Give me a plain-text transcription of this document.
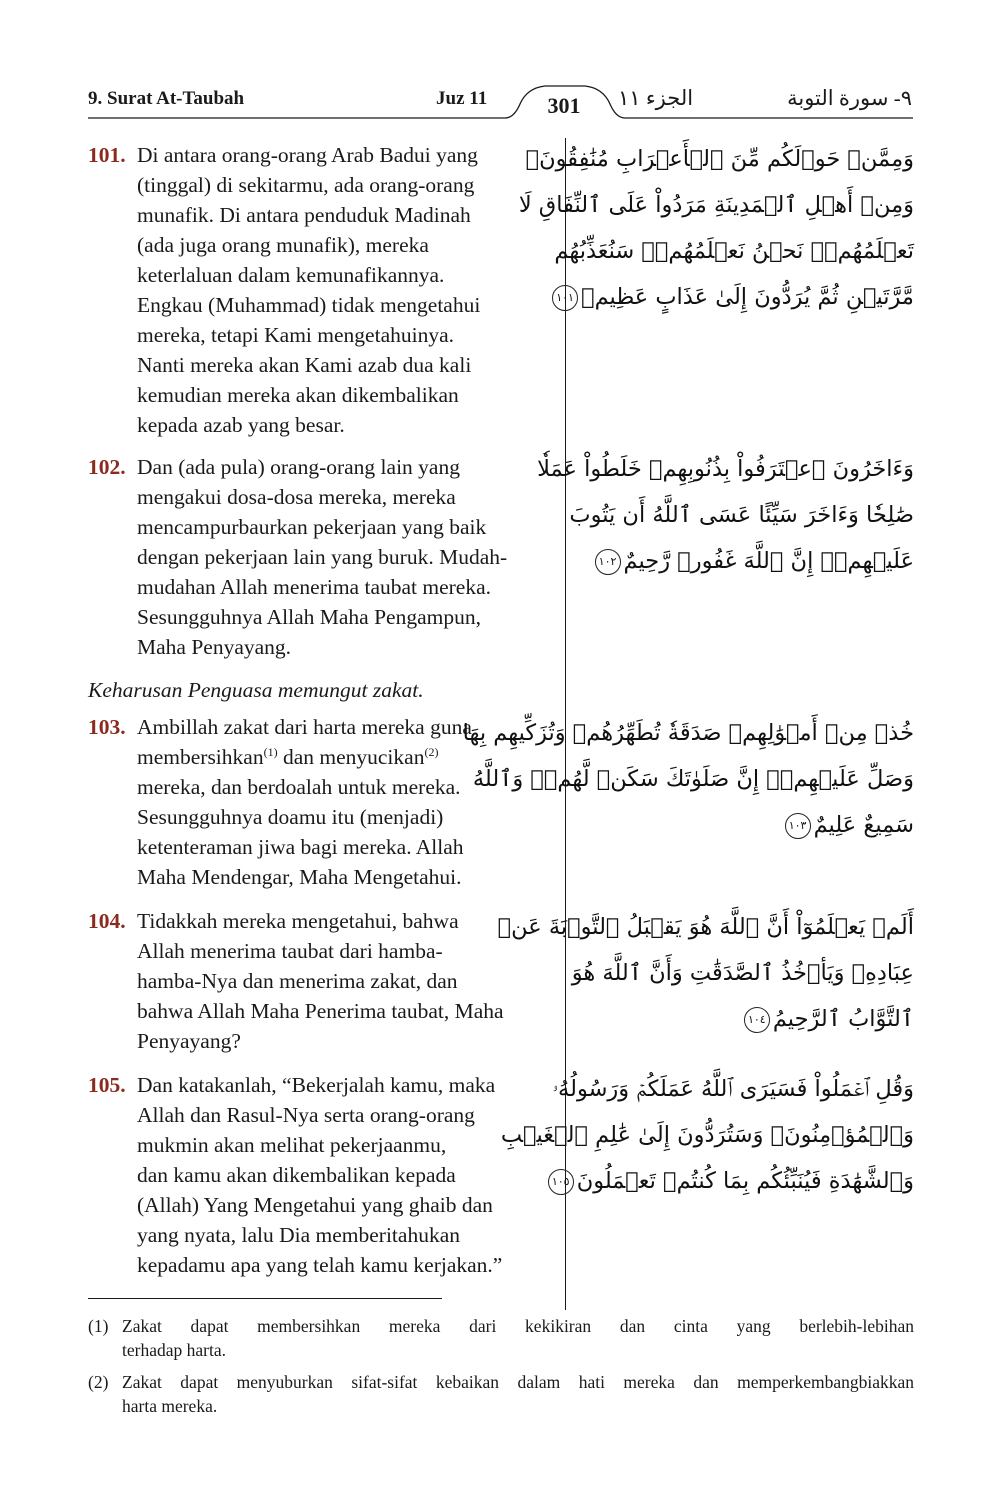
9. Surat At-Taubah	Juz 11	301	الجزء ١١	٩- سورة التوبة
101. Di antara orang-orang Arab Badui yang
(tinggal) di sekitarmu, ada orang-orang
munafik. Di antara penduduk Madinah
(ada juga orang munafik), mereka
keterlaluan dalam kemunafikannya.
Engkau (Muhammad) tidak mengetahui
mereka, tetapi Kami mengetahuinya.
Nanti mereka akan Kami azab dua kali
kemudian mereka akan dikembalikan
kepada azab yang besar.
وَمِمَّنۡ حَوۡلَكُم مِّنَ ٱلۡأَعۡرَابِ مُنَٰفِقُونَۖ
وَمِنۡ أَهۡلِ ٱلۡمَدِينَةِ مَرَدُواْ عَلَى ٱلنِّفَاقِ لَا
تَعۡلَمُهُمۡۖ نَحۡنُ نَعۡلَمُهُمۡۚ سَنُعَذِّبُهُم
مَّرَّتَيۡنِ ثُمَّ يُرَدُّونَ إِلَىٰ عَذَابٍ عَظِيمٖ١٠١
102. Dan (ada pula) orang-orang lain yang
mengakui dosa-dosa mereka, mereka
mencampurbaurkan pekerjaan yang baik
dengan pekerjaan lain yang buruk. Mudah-
mudahan Allah menerima taubat mereka.
Sesungguhnya Allah Maha Pengampun,
Maha Penyayang.
وَءَاخَرُونَ ٱعۡتَرَفُواْ بِذُنُوبِهِمۡ خَلَطُواْ عَمَلٗا
صَٰلِحٗا وَءَاخَرَ سَيِّئًا عَسَى ٱللَّهُ أَن يَتُوبَ
عَلَيۡهِمۡۚ إِنَّ ٱللَّهَ غَفُورٞ رَّحِيمٌ١٠٢
Keharusan Penguasa memungut zakat.
103. Ambillah zakat dari harta mereka guna
membersihkan$^{(1)}$ dan menyucikan$^{(2)}$
mereka, dan berdoalah untuk mereka.
Sesungguhnya doamu itu (menjadi)
ketenteraman jiwa bagi mereka. Allah
Maha Mendengar, Maha Mengetahui.
خُذۡ مِنۡ أَمۡوَٰلِهِمۡ صَدَقَةٗ تُطَهِّرُهُمۡ وَتُزَكِّيهِم بِهَا
وَصَلِّ عَلَيۡهِمۡۖ إِنَّ صَلَوٰتَكَ سَكَنٞ لَّهُمۡۗ وَٱللَّهُ
سَمِيعٌ عَلِيمٌ١٠٣
104. Tidakkah mereka mengetahui, bahwa
Allah menerima taubat dari hamba-
hamba-Nya dan menerima zakat, dan
bahwa Allah Maha Penerima taubat, Maha
Penyayang?
أَلَمۡ يَعۡلَمُوٓاْ أَنَّ ٱللَّهَ هُوَ يَقۡبَلُ ٱلتَّوۡبَةَ عَنۡ
عِبَادِهِۦ وَيَأۡخُذُ ٱلصَّدَقَٰتِ وَأَنَّ ٱللَّهَ هُوَ
ٱلتَّوَّابُ ٱلرَّحِيمُ١٠٤
105. Dan katakanlah, “Bekerjalah kamu, maka
Allah dan Rasul-Nya serta orang-orang
mukmin akan melihat pekerjaanmu,
dan kamu akan dikembalikan kepada
(Allah) Yang Mengetahui yang ghaib dan
yang nyata, lalu Dia memberitahukan
kepadamu apa yang telah kamu kerjakan.”
وَقُلِ ٱعۡمَلُواْ فَسَيَرَى ٱللَّهُ عَمَلَكُمۡ وَرَسُولُهُۥ
وَٱلۡمُؤۡمِنُونَۖ وَسَتُرَدُّونَ إِلَىٰ عَٰلِمِ ٱلۡغَيۡبِ
وَٱلشَّهَٰدَةِ فَيُنَبِّئُكُم بِمَا كُنتُمۡ تَعۡمَلُونَ١٠٥
(1) Zakat dapat membersihkan mereka dari kekikiran dan cinta yang berlebih-lebihan
terhadap harta.
(2) Zakat dapat menyuburkan sifat-sifat kebaikan dalam hati mereka dan memperkembangbiakkan
harta mereka.
